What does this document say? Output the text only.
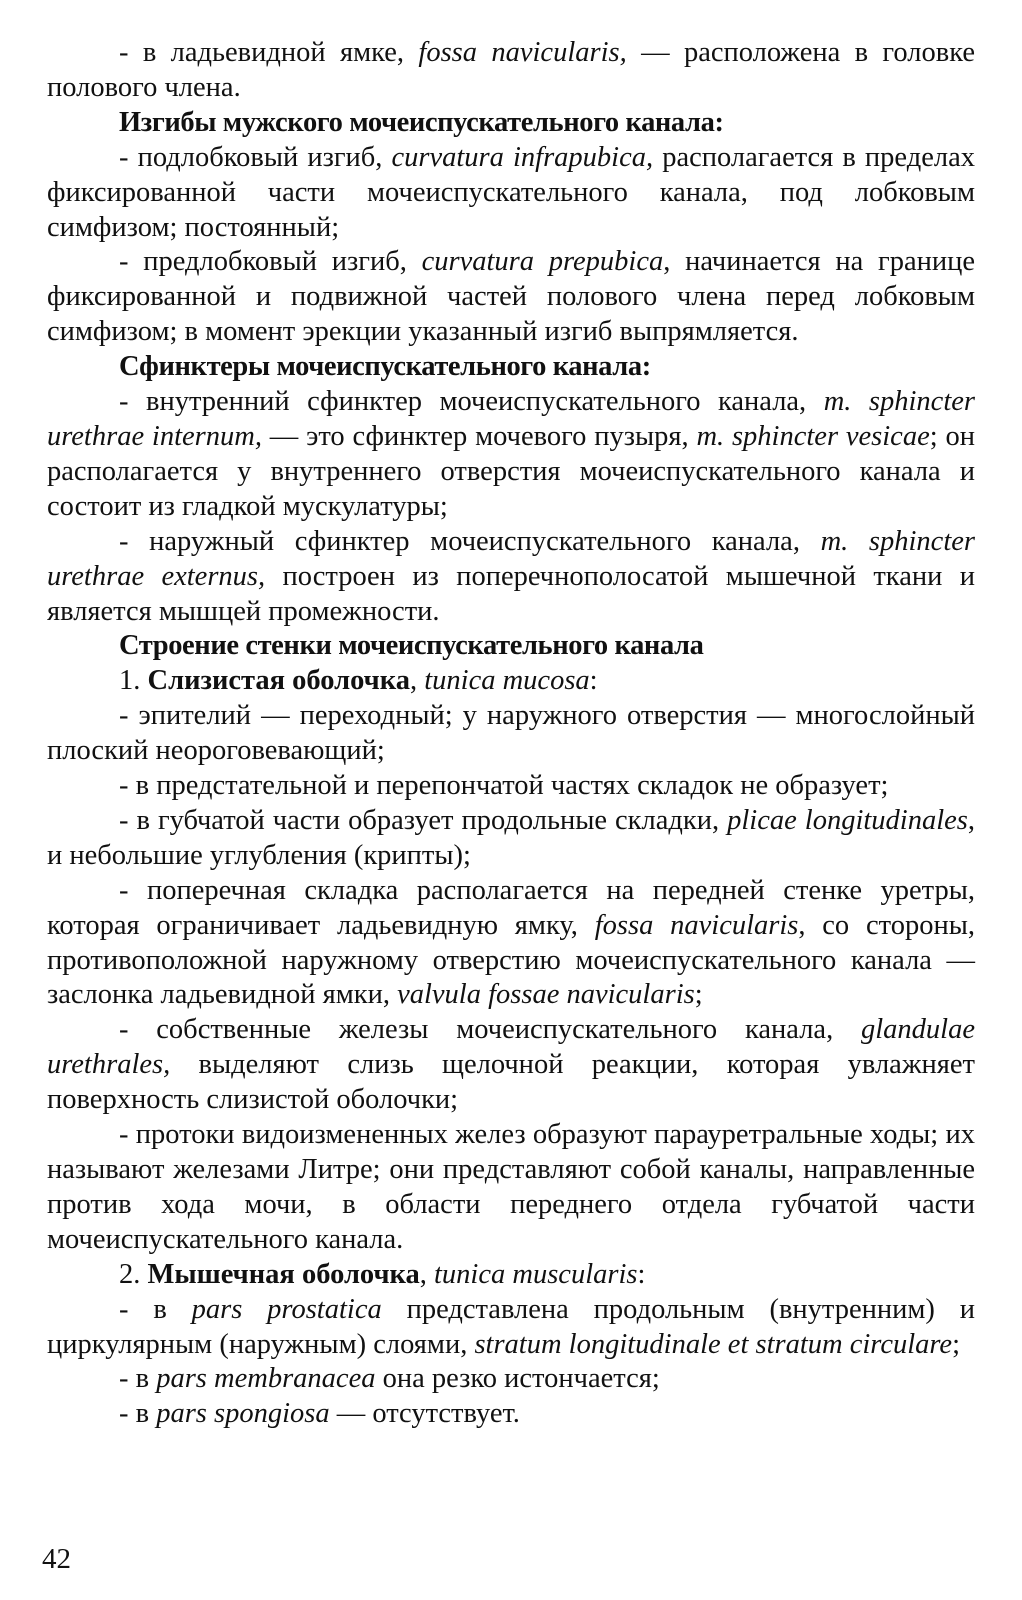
- в ладьевидной ямке, fossa navicularis, — расположена в головке полового члена.

Изгибы мужского мочеиспускательного канала:

- подлобковый изгиб, curvatura infrapubica, располагается в пределах фиксированной части мочеиспускательного канала, под лобковым симфизом; постоянный;

- предлобковый изгиб, curvatura prepubica, начинается на границе фиксированной и подвижной частей полового члена перед лобковым симфизом; в момент эрекции указанный изгиб выпрямляется.

Сфинктеры мочеиспускательного канала:

- внутренний сфинктер мочеиспускательного канала, m. sphincter urethrae internum, — это сфинктер мочевого пузыря, m. sphincter vesicae; он располагается у внутреннего отверстия мочеиспускательного канала и состоит из гладкой мускулатуры;

- наружный сфинктер мочеиспускательного канала, m. sphincter urethrae externus, построен из поперечнополосатой мышечной ткани и является мышцей промежности.

Строение стенки мочеиспускательного канала

1. Слизистая оболочка, tunica mucosa:

- эпителий — переходный; у наружного отверстия — многослойный плоский неороговевающий;

- в предстательной и перепончатой частях складок не образует;

- в губчатой части образует продольные складки, plicae longitudinales, и небольшие углубления (крипты);

- поперечная складка располагается на передней стенке уретры, которая ограничивает ладьевидную ямку, fossa navicularis, со стороны, противоположной наружному отверстию мочеиспускательного канала — заслонка ладьевидной ямки, valvula fossae navicularis;

- собственные железы мочеиспускательного канала, glandulae urethrales, выделяют слизь щелочной реакции, которая увлажняет поверхность слизистой оболочки;

- протоки видоизмененных желез образуют парауретральные ходы; их называют железами Литре; они представляют собой каналы, направленные против хода мочи, в области переднего отдела губчатой части мочеиспускательного канала.

2. Мышечная оболочка, tunica muscularis:

- в pars prostatica представлена продольным (внутренним) и циркулярным (наружным) слоями, stratum longitudinale et stratum circulare;

- в pars membranacea она резко истончается;

- в pars spongiosa — отсутствует.

42
